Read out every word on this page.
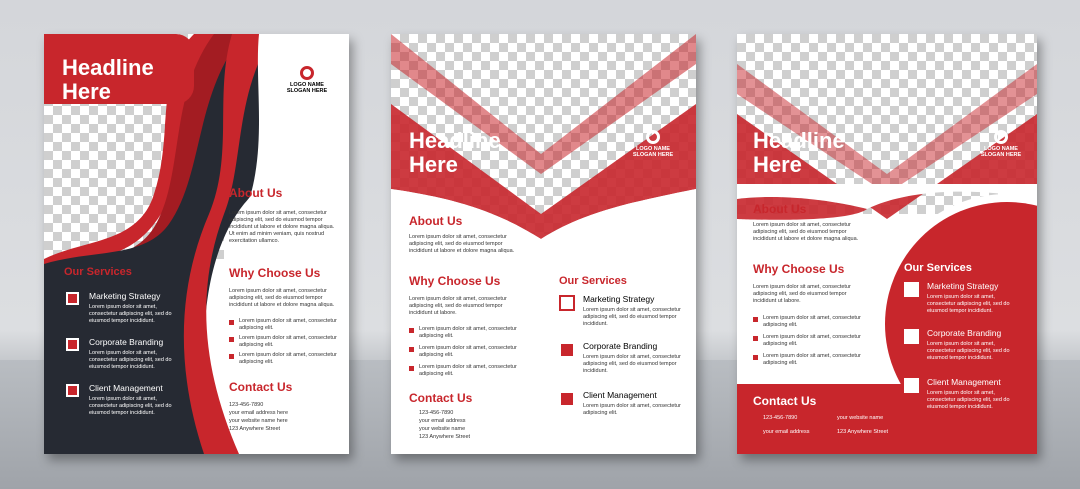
Headline Here	LOGO NAME
SLOGAN HERE
About Us
Lorem ipsum dolor sit amet, consectetur adipiscing elit, sed do eiusmod tempor incididunt ut labore et dolore magna aliqua. Ut enim ad minim veniam, quis nostrud exercitation ullamco.
Why Choose Us
Lorem ipsum dolor sit amet, consectetur adipiscing elit, sed do eiusmod tempor incididunt ut labore et dolore magna aliqua.
Lorem ipsum dolor sit amet, consectetur adipiscing elit.
Lorem ipsum dolor sit amet, consectetur adipiscing elit.
Lorem ipsum dolor sit amet, consectetur adipiscing elit.
Contact Us
123-456-7890
your email address here
your website name here
123 Anywhere Street
Our Services
Marketing Strategy
Lorem ipsum dolor sit amet, consectetur adipiscing elit, sed do eiusmod tempor incididunt.
Corporate Branding
Lorem ipsum dolor sit amet, consectetur adipiscing elit, sed do eiusmod tempor incididunt.
Client Management
Lorem ipsum dolor sit amet, consectetur adipiscing elit, sed do eiusmod tempor incididunt.
Headline Here
LOGO NAME
SLOGAN HERE
About Us
Lorem ipsum dolor sit amet, consectetur adipiscing elit, sed do eiusmod tempor incididunt ut labore et dolore magna aliqua.
Why Choose Us
Lorem ipsum dolor sit amet, consectetur adipiscing elit, sed do eiusmod tempor incididunt ut labore.
Lorem ipsum dolor sit amet, consectetur adipiscing elit.
Lorem ipsum dolor sit amet, consectetur adipiscing elit.
Lorem ipsum dolor sit amet, consectetur adipiscing elit.
Contact Us
123-456-7890
your email address
your website name
123 Anywhere Street
Our Services
Marketing Strategy
Lorem ipsum dolor sit amet, consectetur adipiscing elit, sed do eiusmod tempor incididunt.
Corporate Branding
Lorem ipsum dolor sit amet, consectetur adipiscing elit, sed do eiusmod tempor incididunt.
Client Management
Lorem ipsum dolor sit amet, consectetur adipiscing elit.
Headline Here
LOGO NAME
SLOGAN HERE
About Us
Lorem ipsum dolor sit amet, consectetur adipiscing elit, sed do eiusmod tempor incididunt ut labore et dolore magna aliqua.
Why Choose Us
Lorem ipsum dolor sit amet, consectetur adipiscing elit, sed do eiusmod tempor incididunt ut labore.
Lorem ipsum dolor sit amet, consectetur adipiscing elit.
Lorem ipsum dolor sit amet, consectetur adipiscing elit.
Lorem ipsum dolor sit amet, consectetur adipiscing elit.
Contact Us
123-456-7890	your website name
your email address	123 Anywhere Street
Our Services
Marketing Strategy
Lorem ipsum dolor sit amet, consectetur adipiscing elit, sed do eiusmod tempor incididunt.
Corporate Branding
Lorem ipsum dolor sit amet, consectetur adipiscing elit, sed do eiusmod tempor incididunt.
Client Management
Lorem ipsum dolor sit amet, consectetur adipiscing elit, sed do eiusmod tempor incididunt.
